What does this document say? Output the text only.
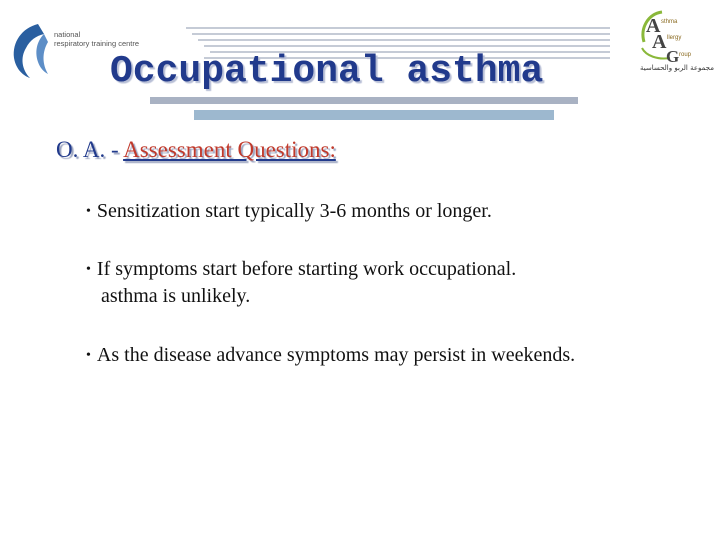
national
respiratory training centre
A sthma
A llergy
G roup
مجموعة الربو والحساسية
Occupational asthma
O. A. - Assessment Questions:
• Sensitization start typically 3-6 months or longer.
• If symptoms start before starting work occupational.
asthma is unlikely.
• As the disease advance symptoms may persist in weekends.
